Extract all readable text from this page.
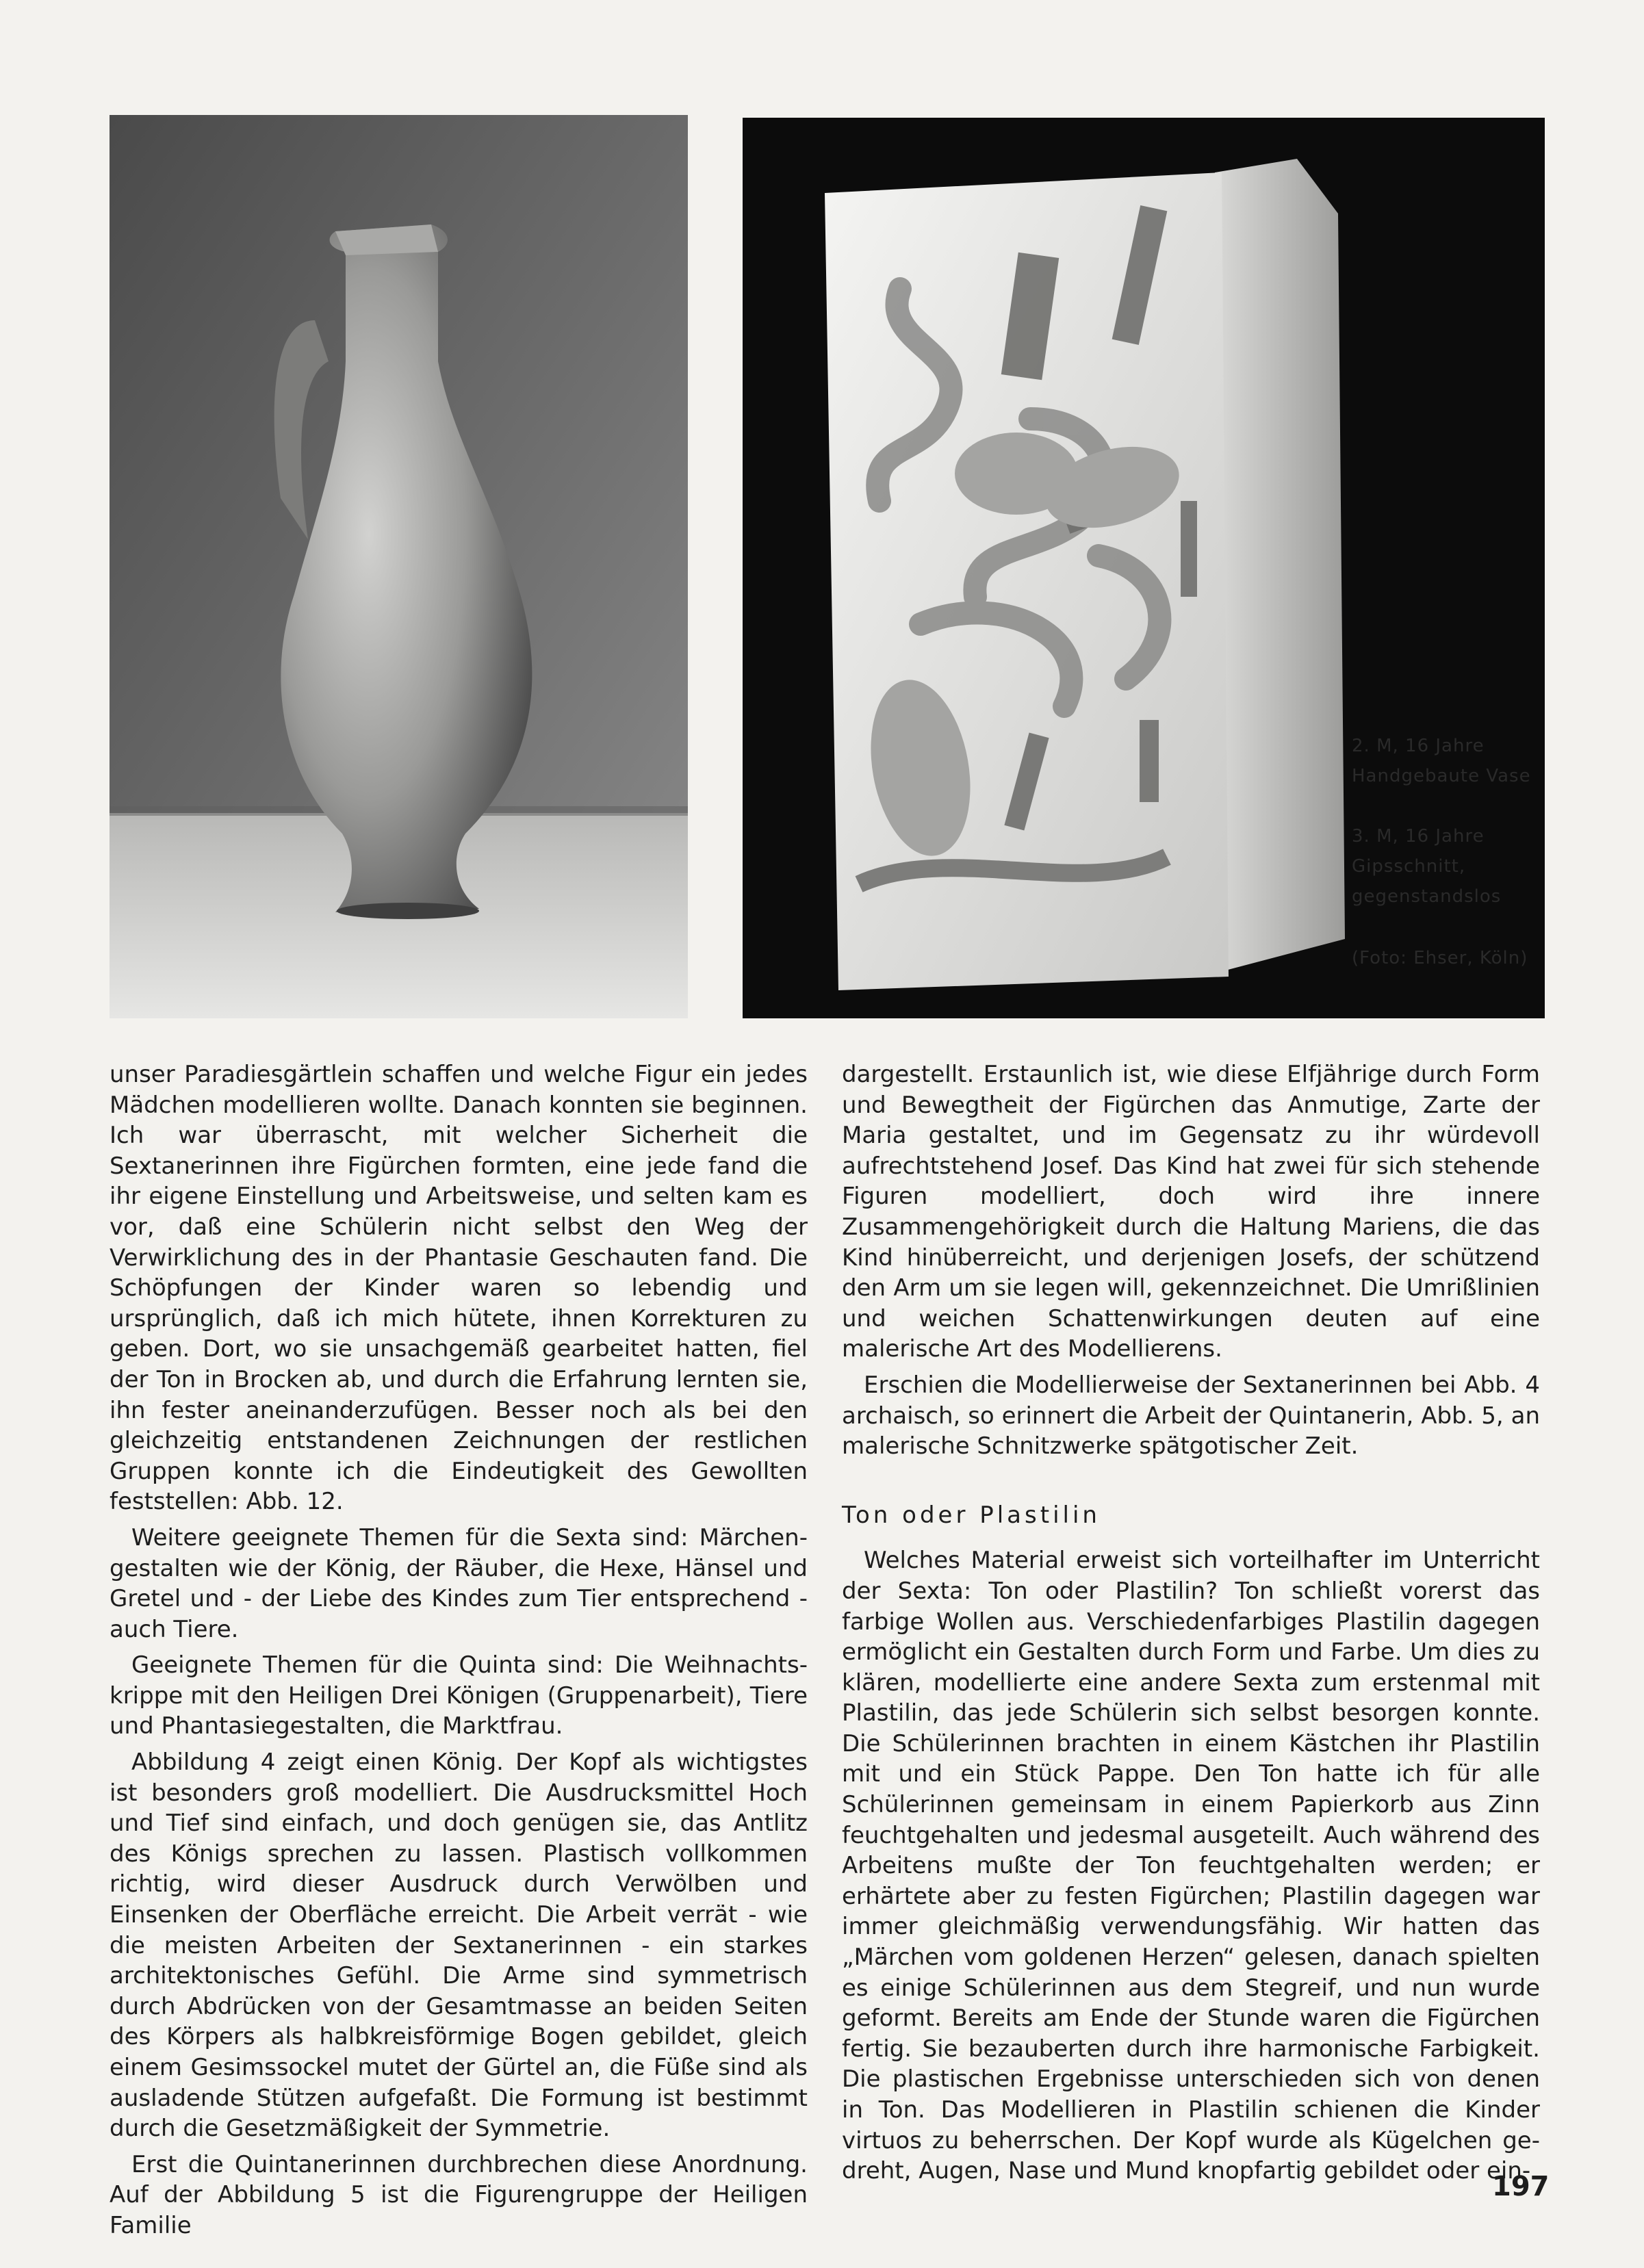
2. M, 16 Jahre
Handgebaute Vase
3. M, 16 Jahre
Gipsschnitt,
gegenstandslos
(Foto: Ehser, Köln)

unser Paradiesgärtlein schaffen und welche Figur ein jedes Mädchen modellieren wollte. Danach konnten sie beginnen. Ich war überrascht, mit welcher Sicherheit die Sextanerinnen ihre Figürchen formten, eine jede fand die ihr eigene Einstellung und Arbeitsweise, und selten kam es vor, daß eine Schülerin nicht selbst den Weg der Verwirklichung des in der Phantasie Geschauten fand. Die Schöpfungen der Kinder waren so lebendig und ursprünglich, daß ich mich hütete, ihnen Korrekturen zu geben. Dort, wo sie unsachgemäß gearbeitet hatten, fiel der Ton in Brocken ab, und durch die Erfahrung lernten sie, ihn fester aneinanderzufügen. Besser noch als bei den gleichzeitig entstandenen Zeichnungen der restlichen Gruppen konnte ich die Eindeutigkeit des Gewollten feststellen: Abb. 12.

Weitere geeignete Themen für die Sexta sind: Märchengestalten wie der König, der Räuber, die Hexe, Hänsel und Gretel und - der Liebe des Kindes zum Tier entsprechend - auch Tiere.

Geeignete Themen für die Quinta sind: Die Weihnachtskrippe mit den Heiligen Drei Königen (Gruppenarbeit), Tiere und Phantasiegestalten, die Marktfrau.

Abbildung 4 zeigt einen König. Der Kopf als wichtigstes ist besonders groß modelliert. Die Ausdrucksmittel Hoch und Tief sind einfach, und doch genügen sie, das Antlitz des Königs sprechen zu lassen. Plastisch vollkommen richtig, wird dieser Ausdruck durch Verwölben und Einsenken der Oberfläche erreicht. Die Arbeit verrät - wie die meisten Arbeiten der Sextanerinnen - ein starkes architektonisches Gefühl. Die Arme sind symmetrisch durch Abdrücken von der Gesamtmasse an beiden Seiten des Körpers als halbkreisförmige Bogen gebildet, gleich einem Gesimssockel mutet der Gürtel an, die Füße sind als ausladende Stützen aufgefaßt. Die Formung ist bestimmt durch die Gesetzmäßigkeit der Symmetrie.

Erst die Quintanerinnen durchbrechen diese Anordnung. Auf der Abbildung 5 ist die Figurengruppe der Heiligen Familie

dargestellt. Erstaunlich ist, wie diese Elfjährige durch Form und Bewegtheit der Figürchen das Anmutige, Zarte der Maria gestaltet, und im Gegensatz zu ihr würdevoll aufrechtstehend Josef. Das Kind hat zwei für sich stehende Figuren modelliert, doch wird ihre innere Zusammengehörigkeit durch die Haltung Mariens, die das Kind hinüberreicht, und derjenigen Josefs, der schützend den Arm um sie legen will, gekennzeichnet. Die Umrißlinien und weichen Schattenwirkungen deuten auf eine malerische Art des Modellierens.

Erschien die Modellierweise der Sextanerinnen bei Abb. 4 archaisch, so erinnert die Arbeit der Quintanerin, Abb. 5, an malerische Schnitzwerke spätgotischer Zeit.

Ton oder Plastilin

Welches Material erweist sich vorteilhafter im Unterricht der Sexta: Ton oder Plastilin? Ton schließt vorerst das farbige Wollen aus. Verschiedenfarbiges Plastilin dagegen ermöglicht ein Gestalten durch Form und Farbe. Um dies zu klären, modellierte eine andere Sexta zum erstenmal mit Plastilin, das jede Schülerin sich selbst besorgen konnte. Die Schülerinnen brachten in einem Kästchen ihr Plastilin mit und ein Stück Pappe. Den Ton hatte ich für alle Schülerinnen gemeinsam in einem Papierkorb aus Zinn feuchtgehalten und jedesmal ausgeteilt. Auch während des Arbeitens mußte der Ton feuchtgehalten werden; er erhärtete aber zu festen Figürchen; Plastilin dagegen war immer gleichmäßig verwendungsfähig. Wir hatten das „Märchen vom goldenen Herzen“ gelesen, danach spielten es einige Schülerinnen aus dem Stegreif, und nun wurde geformt. Bereits am Ende der Stunde waren die Figürchen fertig. Sie bezauberten durch ihre harmonische Farbigkeit. Die plastischen Ergebnisse unterschieden sich von denen in Ton. Das Modellieren in Plastilin schienen die Kinder virtuos zu beherrschen. Der Kopf wurde als Kügelchen gedreht, Augen, Nase und Mund knopfartig gebildet oder ein-

197
